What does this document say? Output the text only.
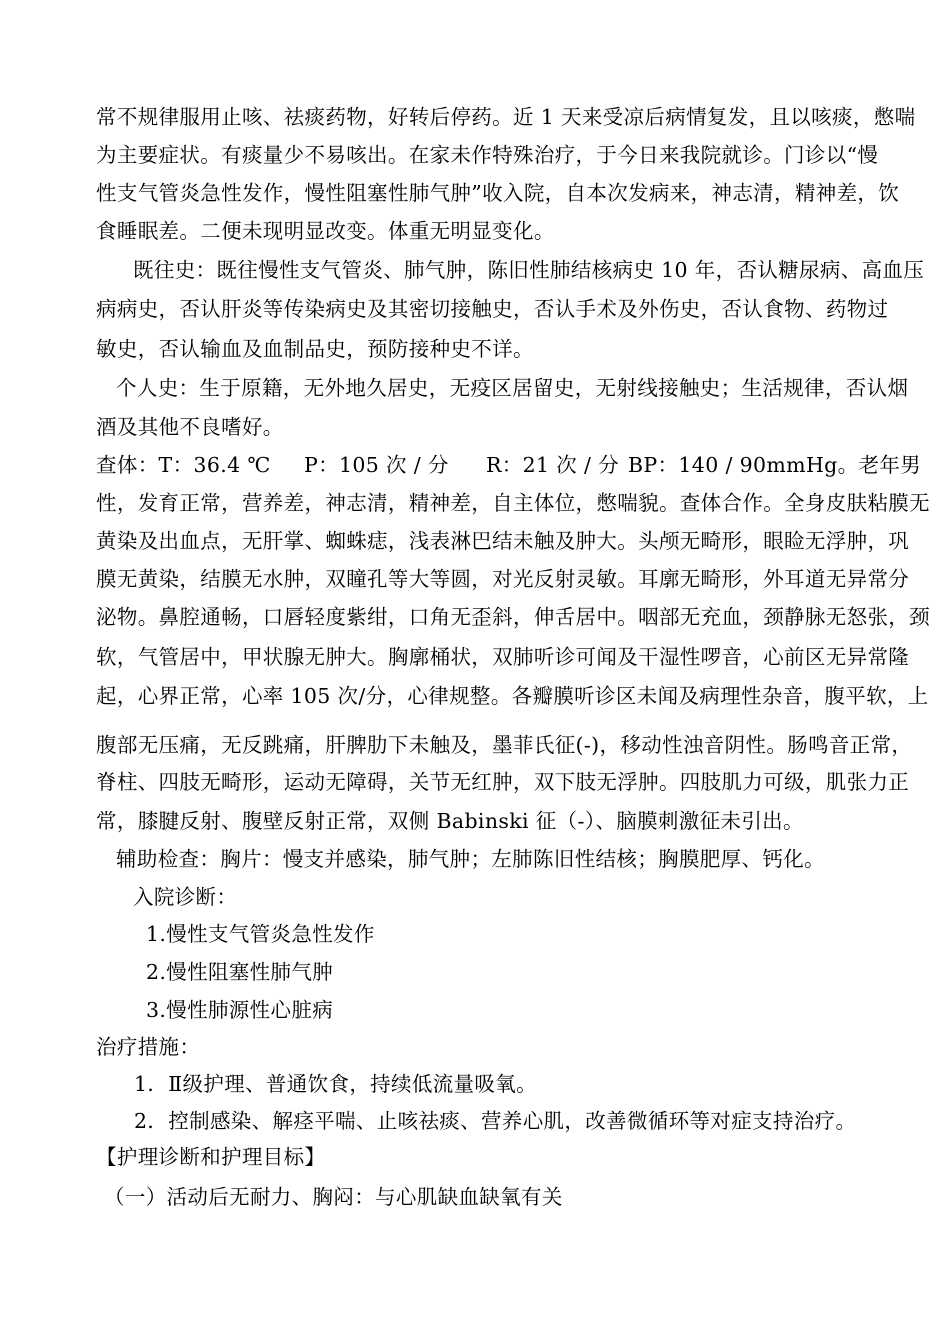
常不规律服用止咳、祛痰药物，好转后停药。近 1 天来受凉后病情复发，且以咳痰，憋喘
为主要症状。有痰量少不易咳出。在家未作特殊治疗，于今日来我院就诊。门诊以“慢
性支气管炎急性发作，慢性阻塞性肺气肿”收入院，自本次发病来，神志清，精神差，饮
食睡眠差。二便未现明显改变。体重无明显变化。
既往史：既往慢性支气管炎、肺气肿，陈旧性肺结核病史 10 年，否认糖尿病、高血压
病病史，否认肝炎等传染病史及其密切接触史，否认手术及外伤史，否认食物、药物过
敏史，否认输血及血制品史，预防接种史不详。
个人史：生于原籍，无外地久居史，无疫区居留史，无射线接触史；生活规律，否认烟
酒及其他不良嗜好。
查体：T：36.4 ℃ P：105 次 / 分 R：21 次 / 分 BP：140 / 90mmHg。老年男
性，发育正常，营养差，神志清，精神差，自主体位，憋喘貌。查体合作。全身皮肤粘膜无
黄染及出血点，无肝掌、蜘蛛痣，浅表淋巴结未触及肿大。头颅无畸形，眼睑无浮肿，巩
膜无黄染，结膜无水肿，双瞳孔等大等圆，对光反射灵敏。耳廓无畸形，外耳道无异常分
泌物。鼻腔通畅，口唇轻度紫绀，口角无歪斜，伸舌居中。咽部无充血，颈静脉无怒张，颈
软，气管居中，甲状腺无肿大。胸廓桶状，双肺听诊可闻及干湿性啰音，心前区无异常隆
起，心界正常，心率 105 次/分，心律规整。各瓣膜听诊区未闻及病理性杂音，腹平软，上
腹部无压痛，无反跳痛，肝脾肋下未触及，墨菲氏征(-)，移动性浊音阴性。肠鸣音正常，
脊柱、四肢无畸形，运动无障碍，关节无红肿，双下肢无浮肿。四肢肌力可级，肌张力正
常，膝腱反射、腹壁反射正常，双侧 Babinski 征（-）、脑膜刺激征未引出。
辅助检查：胸片：慢支并感染，肺气肿；左肺陈旧性结核；胸膜肥厚、钙化。
入院诊断：
1.慢性支气管炎急性发作
2.慢性阻塞性肺气肿
3.慢性肺源性心脏病
治疗措施：
1．Ⅱ级护理、普通饮食，持续低流量吸氧。
2．控制感染、解痉平喘、止咳祛痰、营养心肌，改善微循环等对症支持治疗。
【护理诊断和护理目标】
（一）活动后无耐力、胸闷：与心肌缺血缺氧有关
